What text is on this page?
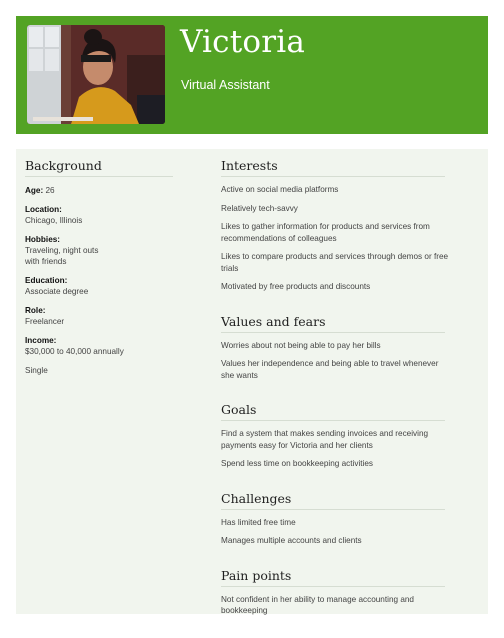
Victoria
Virtual Assistant
Background
Age: 26
Location:
Chicago, Illinois
Hobbies:
Traveling, night outs
with friends
Education:
Associate degree
Role:
Freelancer
Income:
$30,000 to 40,000 annually
Single
Interests
Active on social media platforms
Relatively tech-savvy
Likes to gather information for products and services from recommendations of colleagues
Likes to compare products and services through demos or free trials
Motivated by free products and discounts
Values and fears
Worries about not being able to pay her bills
Values her independence and being able to travel whenever she wants
Goals
Find a system that makes sending invoices and receiving payments easy for Victoria and her clients
Spend less time on bookkeeping activities
Challenges
Has limited free time
Manages multiple accounts and clients
Pain points
Not confident in her ability to manage accounting and bookkeeping
